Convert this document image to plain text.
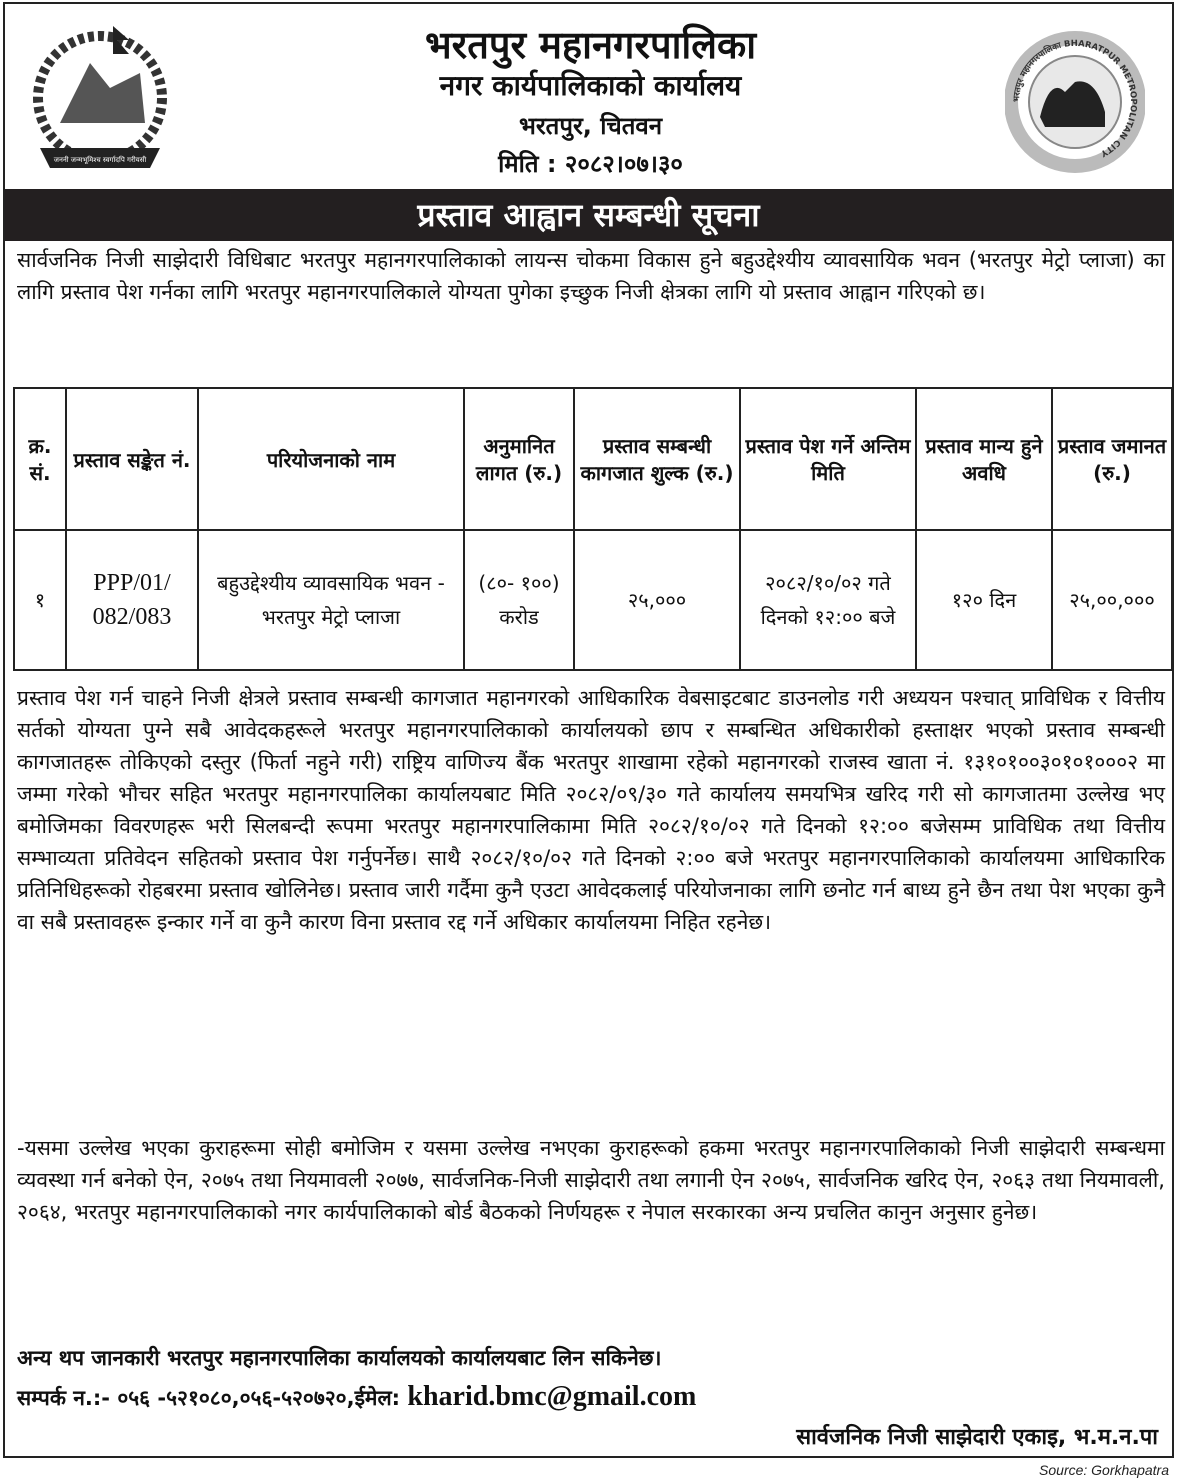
जननी जन्मभूमिश्च स्वर्गादपि गरीयसी
भरतपुर महानगरपालिका
नगर कार्यपालिकाको कार्यालय
भरतपुर, चितवन
मिति : २०८२।०७।३०
भरतपुर महानगरपालिका BHARATPUR METROPOLITAN CITY
प्रस्ताव आह्वान सम्बन्धी सूचना
सार्वजनिक निजी साझेदारी विधिबाट भरतपुर महानगरपालिकाको लायन्स चोकमा विकास हुने बहुउद्देश्यीय व्यावसायिक भवन (भरतपुर मेट्रो प्लाजा) का लागि प्रस्ताव पेश गर्नका लागि भरतपुर महानगरपालिकाले योग्यता पुगेका इच्छुक निजी क्षेत्रका लागि यो प्रस्ताव आह्वान गरिएको छ।
क्र. सं.	प्रस्ताव सङ्केत नं.	परियोजनाको नाम	अनुमानित लागत (रु.)	प्रस्ताव सम्बन्धी कागजात शुल्क (रु.)	प्रस्ताव पेश गर्ने अन्तिम मिति	प्रस्ताव मान्य हुने अवधि	प्रस्ताव जमानत (रु.)
१	PPP/01/ 082/083	बहुउद्देश्यीय व्यावसायिक भवन - भरतपुर मेट्रो प्लाजा	(८०- १००) करोड	२५,०००	२०८२/१०/०२ गते दिनको १२:०० बजे	१२० दिन	२५,००,०००
प्रस्ताव पेश गर्न चाहने निजी क्षेत्रले प्रस्ताव सम्बन्धी कागजात महानगरको आधिकारिक वेबसाइटबाट डाउनलोड गरी अध्ययन पश्चात् प्राविधिक र वित्तीय सर्तको योग्यता पुग्ने सबै आवेदकहरूले भरतपुर महानगरपालिकाको कार्यालयको छाप र सम्बन्धित अधिकारीको हस्ताक्षर भएको प्रस्ताव सम्बन्धी कागजातहरू तोकिएको दस्तुर (फिर्ता नहुने गरी) राष्ट्रिय वाणिज्य बैंक भरतपुर शाखामा रहेको महानगरको राजस्व खाता नं. १३१०१००३०१०१०००२ मा जम्मा गरेको भौचर सहित भरतपुर महानगरपालिका कार्यालयबाट मिति २०८२/०९/३० गते कार्यालय समयभित्र खरिद गरी सो कागजातमा उल्लेख भए बमोजिमका विवरणहरू भरी सिलबन्दी रूपमा भरतपुर महानगरपालिकामा मिति २०८२/१०/०२ गते दिनको १२:०० बजेसम्म प्राविधिक तथा वित्तीय सम्भाव्यता प्रतिवेदन सहितको प्रस्ताव पेश गर्नुपर्नेछ। साथै २०८२/१०/०२ गते दिनको २:०० बजे भरतपुर महानगरपालिकाको कार्यालयमा आधिकारिक प्रतिनिधिहरूको रोहबरमा प्रस्ताव खोलिनेछ। प्रस्ताव जारी गर्दैमा कुनै एउटा आवेदकलाई परियोजनाका लागि छनोट गर्न बाध्य हुने छैन तथा पेश भएका कुनै वा सबै प्रस्तावहरू इन्कार गर्ने वा कुनै कारण विना प्रस्ताव रद्द गर्ने अधिकार कार्यालयमा निहित रहनेछ।
-यसमा उल्लेख भएका कुराहरूमा सोही बमोजिम र यसमा उल्लेख नभएका कुराहरूको हकमा भरतपुर महानगरपालिकाको निजी साझेदारी सम्बन्धमा व्यवस्था गर्न बनेको ऐन, २०७५ तथा नियमावली २०७७, सार्वजनिक-निजी साझेदारी तथा लगानी ऐन २०७५, सार्वजनिक खरिद ऐन, २०६३ तथा नियमावली, २०६४, भरतपुर महानगरपालिकाको नगर कार्यपालिकाको बोर्ड बैठकको निर्णयहरू र नेपाल सरकारका अन्य प्रचलित कानुन अनुसार हुनेछ।
अन्य थप जानकारी भरतपुर महानगरपालिका कार्यालयको कार्यालयबाट लिन सकिनेछ।
सम्पर्क न.:- ०५६ -५२१०८०,०५६-५२०७२०,ईमेल: kharid.bmc@gmail.com
सार्वजनिक निजी साझेदारी एकाइ, भ.म.न.पा
Source: Gorkhapatra
